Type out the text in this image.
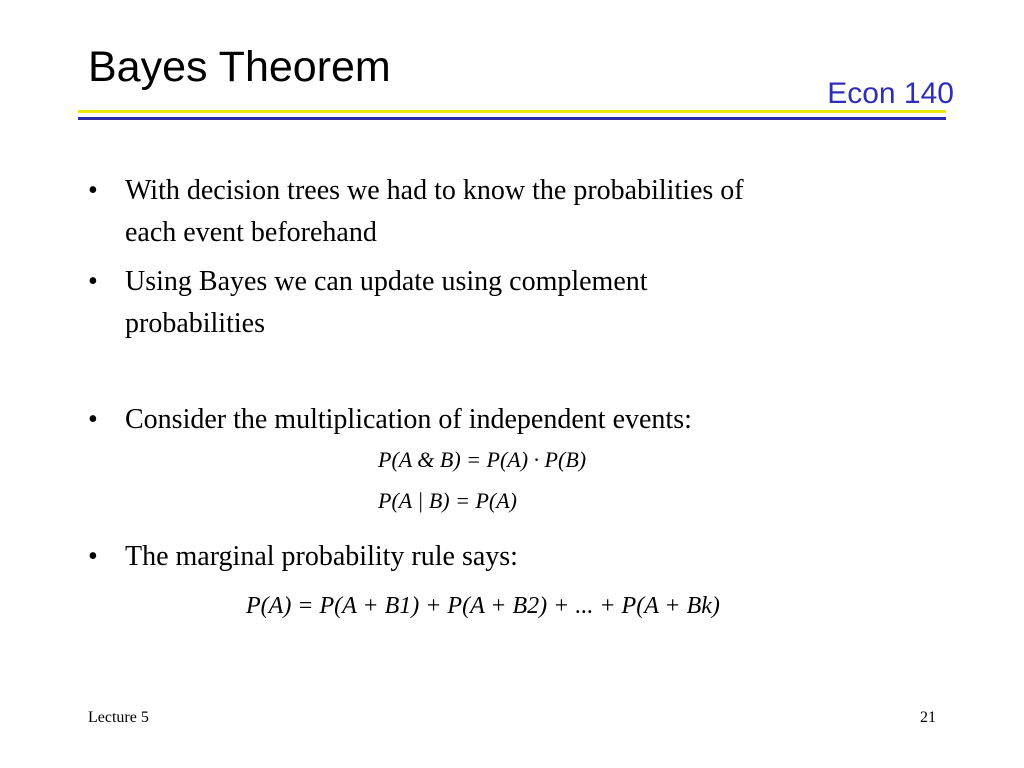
Bayes Theorem
Econ 140
• With decision trees we had to know the probabilities of
each event beforehand
• Using Bayes we can update using complement
probabilities
• Consider the multiplication of independent events:
P(A & B) = P(A) · P(B)
P(A | B) = P(A)
• The marginal probability rule says:
P(A) = P(A + B1) + P(A + B2) + ... + P(A + Bk)
Lecture 5	21
